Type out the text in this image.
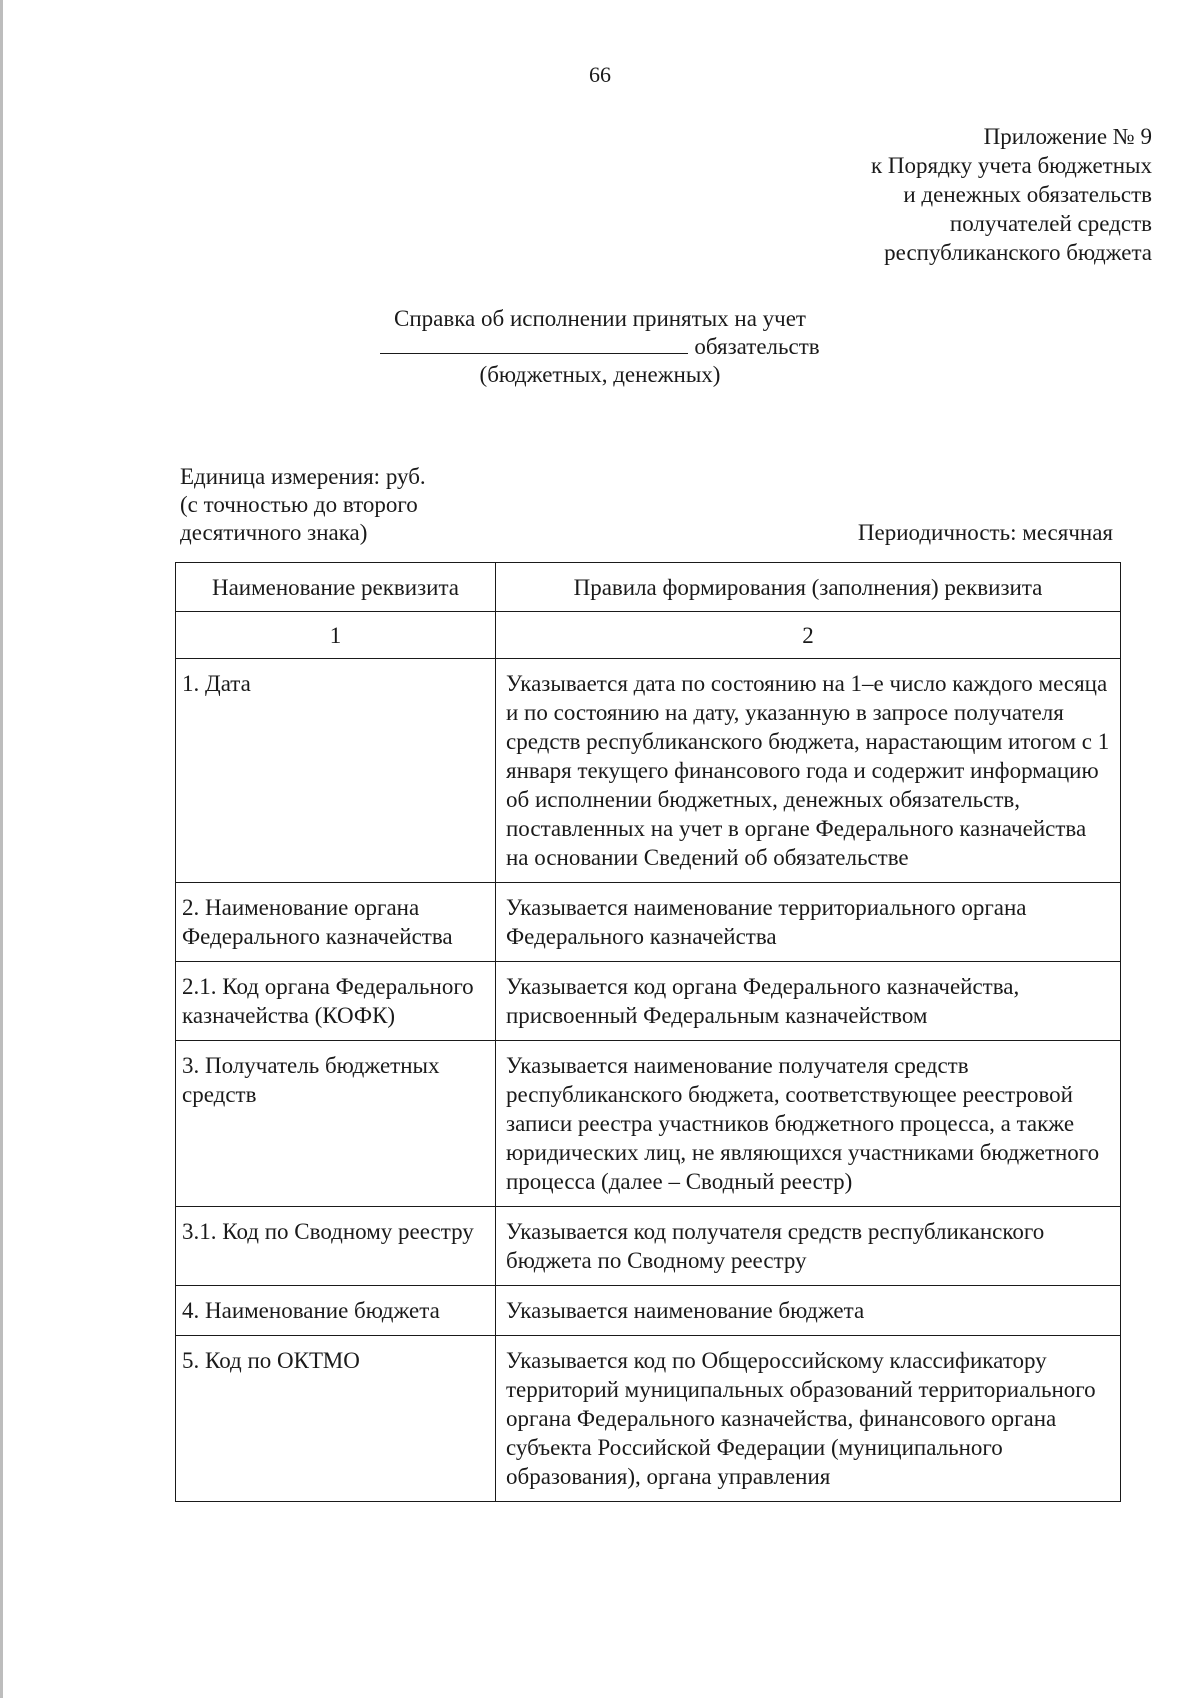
66
Приложение № 9
к Порядку учета бюджетных
и денежных обязательств
получателей средств
республиканского бюджета
Справка об исполнении принятых на учет
обязательств
(бюджетных, денежных)
Единица измерения: руб.
(с точностью до второго
десятичного знака)	Периодичность: месячная
Наименование реквизита	Правила формирования (заполнения) реквизита
1	2
1. Дата	Указывается дата по состоянию на 1–е число каждого месяца и по состоянию на дату, указанную в запросе получателя средств республиканского бюджета, нарастающим итогом с 1 января текущего финансового года и содержит информацию об исполнении бюджетных, денежных обязательств, поставленных на учет в органе Федерального казначейства на основании Сведений об обязательстве
2. Наименование органа Федерального казначейства	Указывается наименование территориального органа Федерального казначейства
2.1. Код органа Федерального казначейства (КОФК)	Указывается код органа Федерального казначейства, присвоенный Федеральным казначейством
3. Получатель бюджетных средств	Указывается наименование получателя средств республиканского бюджета, соответствующее реестровой записи реестра участников бюджетного процесса, а также юридических лиц, не являющихся участниками бюджетного процесса (далее – Сводный реестр)
3.1. Код по Сводному реестру	Указывается код получателя средств республиканского бюджета по Сводному реестру
4. Наименование бюджета	Указывается наименование бюджета
5. Код по ОКТМО	Указывается код по Общероссийскому классификатору территорий муниципальных образований территориального органа Федерального казначейства, финансового органа субъекта Российской Федерации (муниципального образования), органа управления
